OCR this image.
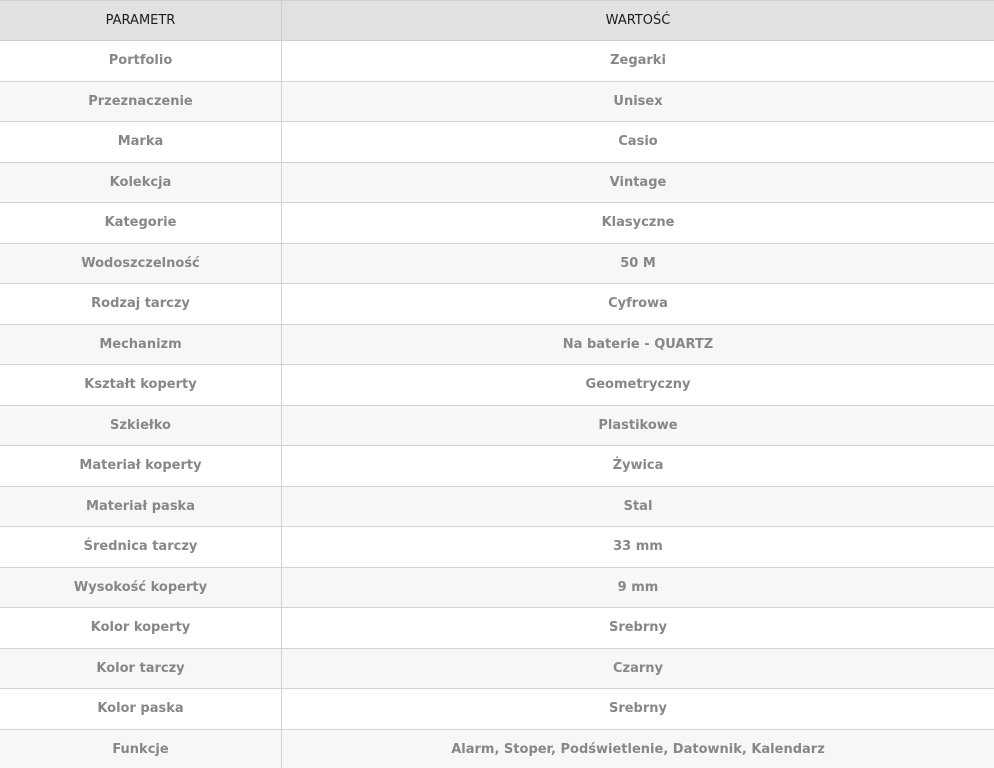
PARAMETR	WARTOŚĆ
Portfolio	Zegarki
Przeznaczenie	Unisex
Marka	Casio
Kolekcja	Vintage
Kategorie	Klasyczne
Wodoszczelność	50 M
Rodzaj tarczy	Cyfrowa
Mechanizm	Na baterie - QUARTZ
Kształt koperty	Geometryczny
Szkiełko	Plastikowe
Materiał koperty	Żywica
Materiał paska	Stal
Średnica tarczy	33 mm
Wysokość koperty	9 mm
Kolor koperty	Srebrny
Kolor tarczy	Czarny
Kolor paska	Srebrny
Funkcje	Alarm, Stoper, Podświetlenie, Datownik, Kalendarz
